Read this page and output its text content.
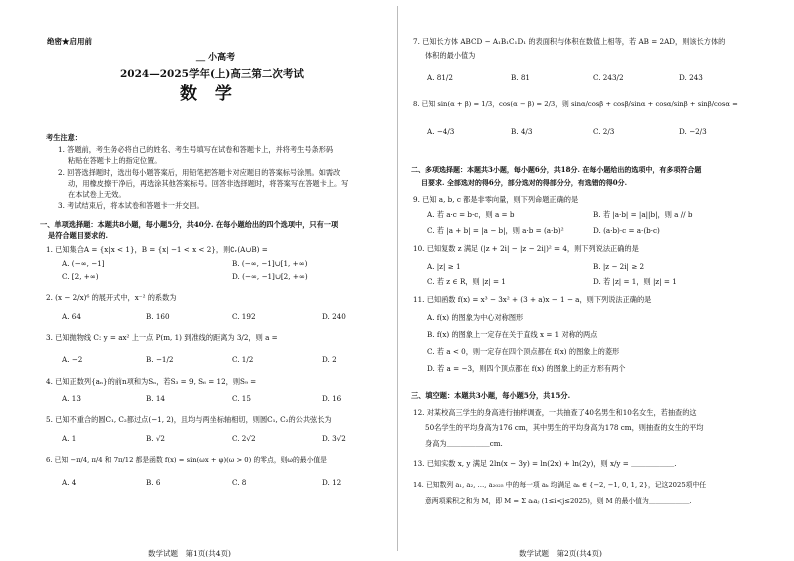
绝密★启用前
＿ 小高考
2024—2025学年(上)高三第二次考试
数 学
考生注意：
1. 答题前，考生务必将自己的姓名、考生号填写在试卷和答题卡上，并将考生号条形码
粘贴在答题卡上的指定位置。
2. 回答选择题时，选出每小题答案后，用铅笔把答题卡对应题目的答案标号涂黑。如需改
动，用橡皮擦干净后，再选涂其他答案标号。回答非选择题时，将答案写在答题卡上。写
在本试卷上无效。
3. 考试结束后，将本试卷和答题卡一并交回。
一、单项选择题：本题共8小题，每小题5分，共40分. 在每小题给出的四个选项中，只有一项
是符合题目要求的.
1. 已知集合A = {x|x < 1}，B = {x| −1 < x < 2}，则∁ᵣ(A∪B) =
A. (−∞, −1]	B. (−∞, −1]∪[1, +∞)
C. [2, +∞)	D. (−∞, −1]∪[2, +∞)
2. (x − 2/x)⁶ 的展开式中，x⁻² 的系数为
A. 64	B. 160	C. 192	D. 240
3. 已知抛物线 C: y = ax² 上一点 P(m, 1) 到准线的距离为 3/2，则 a =
A. −2	B. −1/2	C. 1/2	D. 2
4. 已知正数列{aₙ}的前n项和为Sₙ，若S₃ = 9, S₆ = 12，则S₉ =
A. 13	B. 14	C. 15	D. 16
5. 已知不重合的圆C₁, C₂都过点(−1, 2)，且均与两坐标轴相切，则圆C₁, C₂的公共弦长为
A. 1	B. √2	C. 2√2	D. 3√2
6. 已知 −π/4, π/4 和 7π/12 都是函数 f(x) = sin(ωx + φ)(ω > 0) 的零点，则ω的最小值是
A. 4	B. 6	C. 8	D. 12
数学试题　第1页(共4页)
7. 已知长方体 ABCD − A₁B₁C₁D₁ 的表面积与体积在数值上相等，若 AB = 2AD，则该长方体的
体积的最小值为
A. 81/2	B. 81	C. 243/2	D. 243
8. 已知 sin(α + β) = 1/3，cos(α − β) = 2/3，则 sinα/cosβ + cosβ/sinα + cosα/sinβ + sinβ/cosα =
A. −4/3	B. 4/3	C. 2/3	D. −2/3
二、多项选择题：本题共3小题，每小题6分，共18分. 在每小题给出的选项中，有多项符合题
目要求. 全部选对的得6分，部分选对的得部分分，有选错的得0分.
9. 已知 a, b, c 都是非零向量，则下列命题正确的是
A. 若 a·c = b·c，则 a = b	B. 若 |a·b| = |a||b|，则 a // b
C. 若 |a + b| = |a − b|，则 a·b = (a·b)²	D. (a·b)·c = a·(b·c)
10. 已知复数 z 满足 (|z + 2i| − |z − 2i|)² = 4，则下列说法正确的是
A. |z| ≥ 1	B. |z − 2i| ≥ 2
C. 若 z ∈ R，则 |z| = 1	D. 若 |z| = 1，则 |z| = 1
11. 已知函数 f(x) = x³ − 3x² + (3 + a)x − 1 − a，则下列说法正确的是
A. f(x) 的图象为中心对称图形
B. f(x) 的图象上一定存在关于直线 x = 1 对称的两点
C. 若 a < 0，则一定存在四个顶点都在 f(x) 的图象上的菱形
D. 若 a = −3，则四个顶点都在 f(x) 的图象上的正方形有两个
三、填空题：本题共3小题，每小题5分，共15分.
12. 对某校高三学生的身高进行抽样调查，一共抽查了40名男生和10名女生，若抽查的这
50名学生的平均身高为176 cm，其中男生的平均身高为178 cm，则抽查的女生的平均
身高为＿＿＿＿＿＿cm.
13. 已知实数 x, y 满足 2ln(x − 3y) = ln(2x) + ln(2y)，则 x/y = ＿＿＿＿＿＿.
14. 已知数列 a₁, a₂, …, a₂₀₂₅ 中的每一项 aₖ 均满足 aₖ ∈ {−2, −1, 0, 1, 2}，记这2025项中任
意两项乘积之和为 M，即 M = Σ aᵢaⱼ (1≤i<j≤2025)，则 M 的最小值为＿＿＿＿＿＿.
数学试题　第2页(共4页)
